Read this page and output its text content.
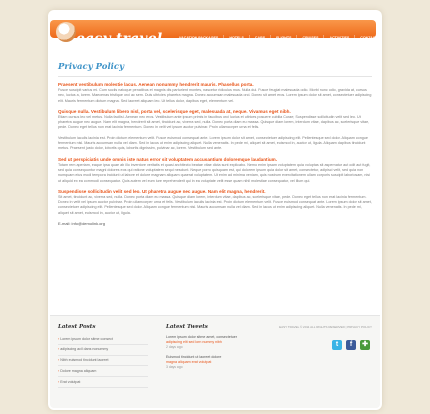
easy travel	VACATION PACKAGES	HOTELS	CARS	FLIGHTS	CRUISES	ACTIVITIES	CONTACTS
Privacy Policy
Praesent vestibulum molestie lacus. Aenean nonummy hendrerit mauris. Phasellus porta.
Fusce suscipit varius mi. Cum sociis natoque penatibus et magnis dis parturient montes, nascetur ridiculus mus. Nulla dui. Fusce feugiat malesuada odio. Morbi nunc odio, gravida at, cursus nec, luctus a, lorem. Maecenas tristique orci ac sem. Duis ultricies pharetra magna. Donec accumsan malesuada orci. Donec sit amet eros. Lorem ipsum dolor sit amet, consectetuer adipiscing elit. Mauris fermentum dictum magna. Sed laoreet aliquam leo. Ut tellus dolor, dapibus eget, elementum vel.
Quisque nulla. Vestibulum libero nisl, porta vel, scelerisque eget, malesuada at, neque. Vivamus eget nibh.
Etiam cursus leo vel metus. Nulla facilisi. Aenean nec eros. Vestibulum ante ipsum primis in faucibus orci luctus et ultrices posuere cubilia Curae; Suspendisse sollicitudin velit sed leo. Ut pharetra augue nec augue. Nam elit magna, hendrerit sit amet, tincidunt ac, viverra sed, nulla. Donec porta diam eu massa. Quisque diam lorem, interdum vitae, dapibus ac, scelerisque vitae, pede. Donec eget tellus non erat lacinia fermentum. Donec in velit vel ipsum auctor pulvinar. Proin ullamcorper urna et felis.
Vestibulum iaculis lacinia est. Proin dictum elementum velit. Fusce euismod consequat ante. Lorem ipsum dolor sit amet, consectetuer adipiscing elit. Pellentesque sed dolor. Aliquam congue fermentum nisl. Mauris accumsan nulla vel diam. Sed in lacus ut enim adipiscing aliquet. Nulla venenatis. In pede mi, aliquet sit amet, euismod in, auctor ut, ligula. Aliquam dapibus tincidunt metus. Praesent justo dolor, lobortis quis, lobortis dignissim, pulvinar ac, lorem. Vestibulum sed ante.
Sed ut perspiciatis unde omnis iste natus error sit voluptatem accusantium doloremque laudantium.
Totam rem aperiam, eaque ipsa quae ab illo inventore veritatis et quasi architecto beatae vitae dicta sunt explicabo. Nemo enim ipsam voluptatem quia voluptas sit aspernatur aut odit aut fugit, sed quia consequuntur magni dolores eos qui ratione voluptatem sequi nesciunt. Neque porro quisquam est, qui dolorem ipsum quia dolor sit amet, consectetur, adipisci velit, sed quia non numquam eius modi tempora incidunt ut labore et dolore magnam aliquam quaerat voluptatem. Ut enim ad minima veniam, quis nostrum exercitationem ullam corporis suscipit laboriosam, nisi ut aliquid ex ea commodi consequatur. Quis autem vel eum iure reprehenderit qui in ea voluptate velit esse quam nihil molestiae consequatur, vel illum qui.
Suspendisse sollicitudin velit sed leo. Ut pharetra augue nec augue. Nam elit magna, hendrerit.
Sit amet, tincidunt ac, viverra sed, nulla. Donec porta diam eu massa. Quisque diam lorem, interdum vitae, dapibus ac, scelerisque vitae, pede. Donec eget tellus non erat lacinia fermentum. Donec in velit vel ipsum auctor pulvinar. Proin ullamcorper urna et felis. Vestibulum iaculis lacinia est. Proin dictum elementum velit. Fusce euismod consequat ante. Lorem ipsum dolor sit amet, consectetuer adipiscing elit. Pellentesque sed dolor. Aliquam congue fermentum nisl. Mauris accumsan nulla vel diam. Sed in lacus ut enim adipiscing aliquet. Nulla venenatis. In pede mi, aliquet sit amet, euismod in, auctor ut, ligula.
E-mail: info@demolink.org
Latest Posts
› Lorem ipsum dolor sitme consect
› adipiscing acil dans nonummy
› Nibh euismod tincidunt laoreet
› Dolore magna aliquam
› Erat volutpat
Latest Tweets
Lorem ipsum dolor sitme amet, consectetuer
adipiscing elit sed lorn nummy nibh
2 days ago
Euismod tincidunt ut laoreet dolore
magna aliquam erat volutpat
3 days ago
EASY TRAVEL © 2011 ALL RIGHTS RESERVED | PRIVACY POLICY
t	f	✚
